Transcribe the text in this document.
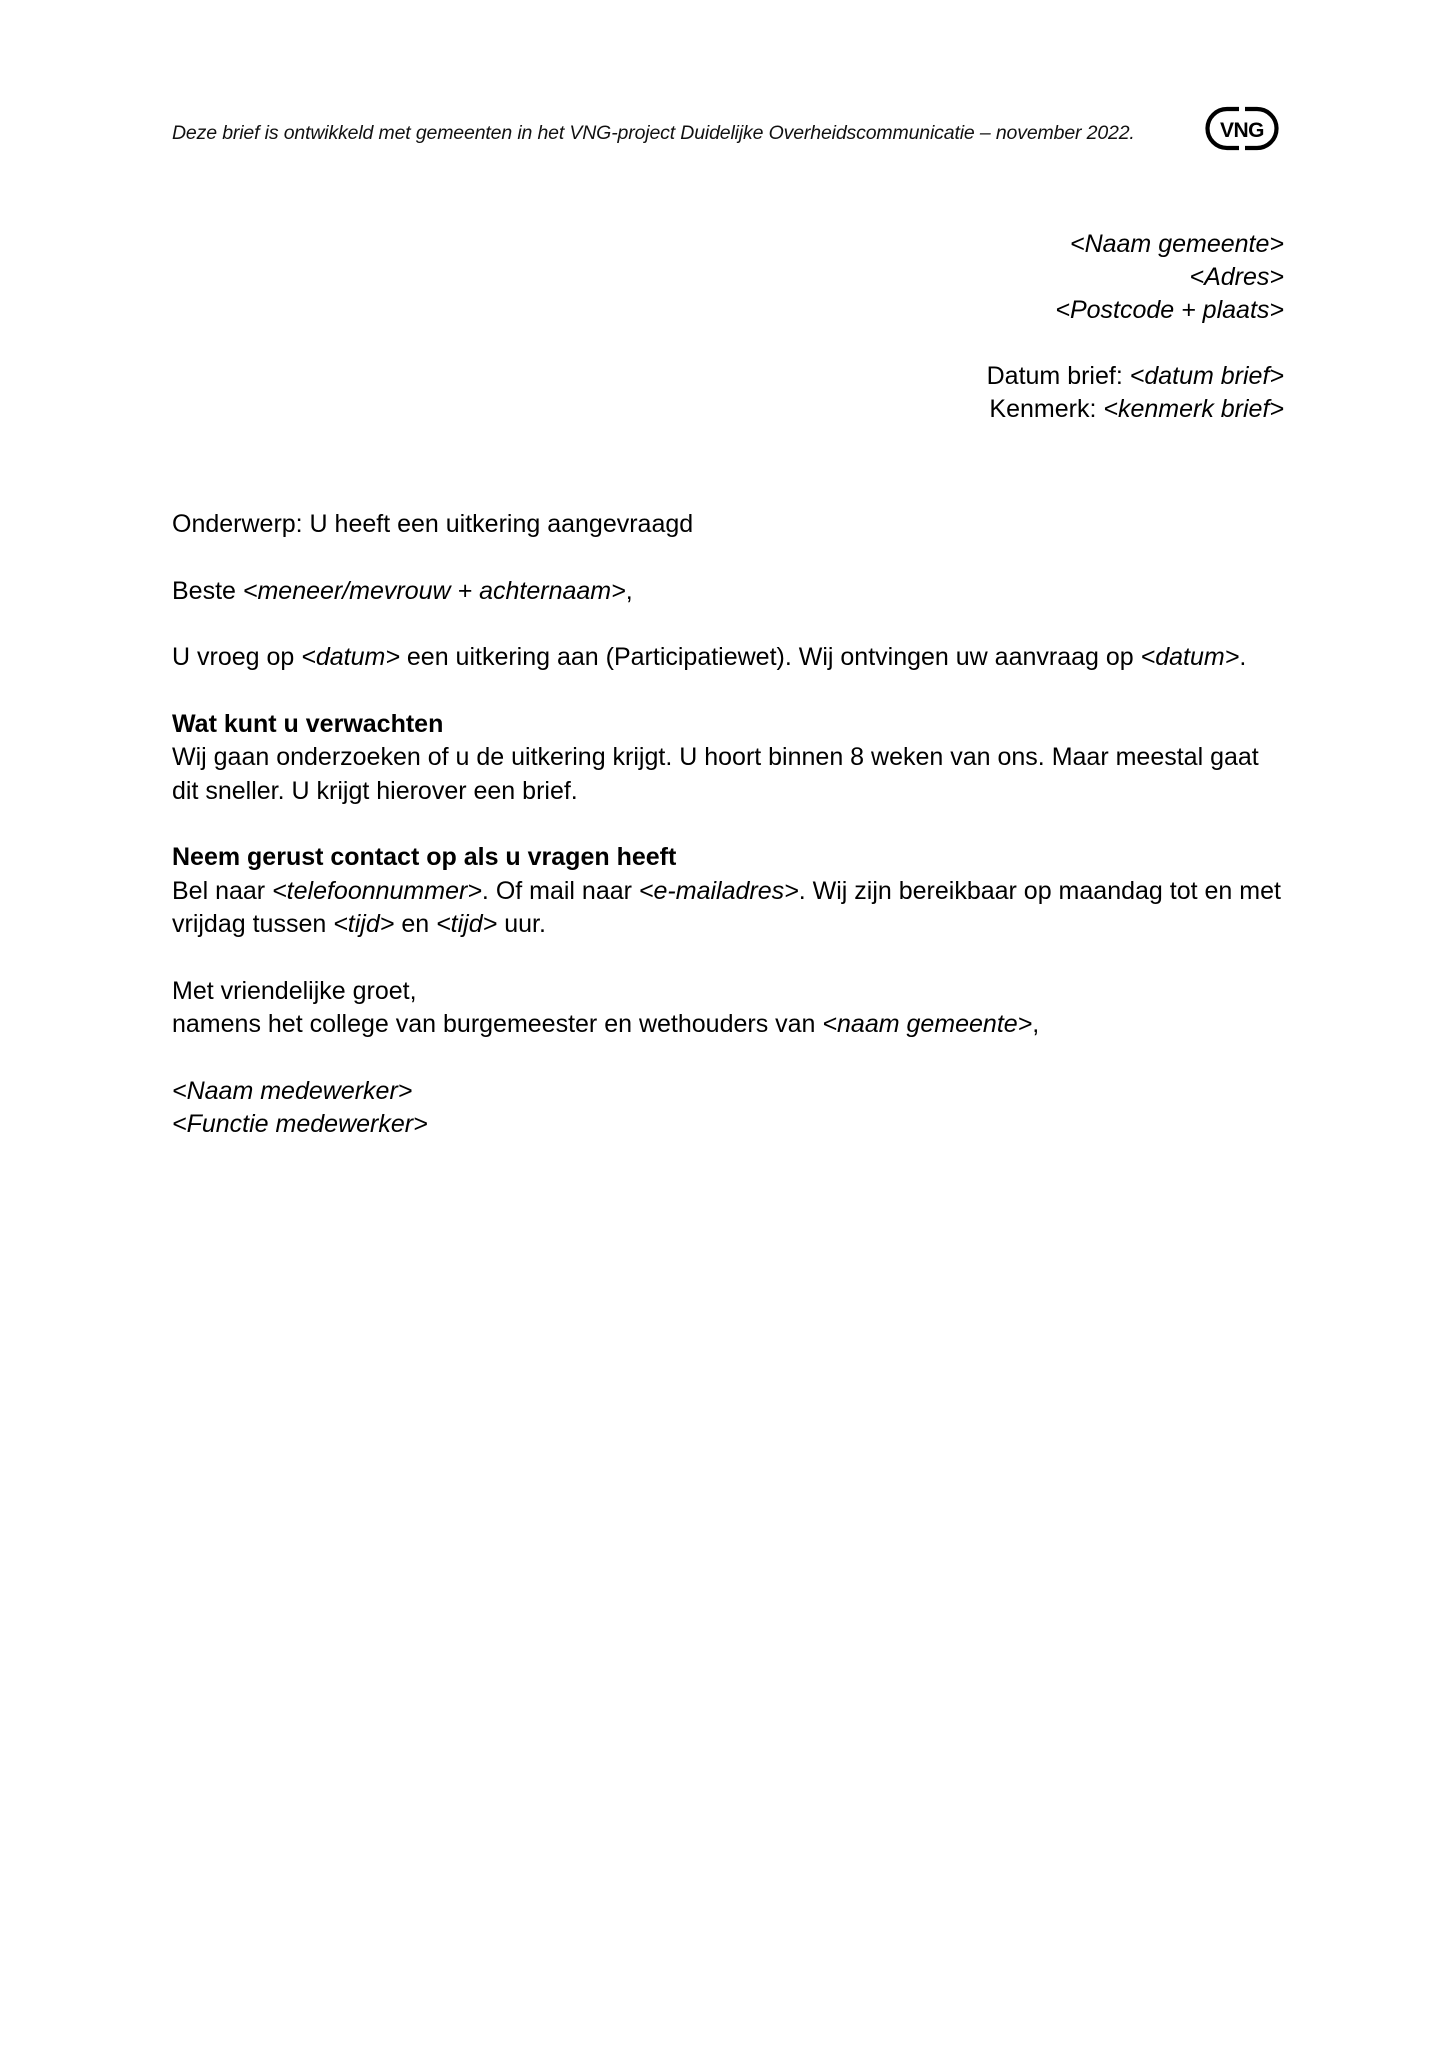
Deze brief is ontwikkeld met gemeenten in het VNG-project Duidelijke Overheidscommunicatie – november 2022.	VNG
<Naam gemeente>
<Adres>
<Postcode + plaats>
Datum brief: <datum brief>
Kenmerk: <kenmerk brief>

Onderwerp: U heeft een uitkering aangevraagd

Beste <meneer/mevrouw + achternaam>,

U vroeg op <datum> een uitkering aan (Participatiewet). Wij ontvingen uw aanvraag op <datum>.

Wat kunt u verwachten

Wij gaan onderzoeken of u de uitkering krijgt. U hoort binnen 8 weken van ons. Maar meestal gaat dit sneller. U krijgt hierover een brief.

Neem gerust contact op als u vragen heeft

Bel naar <telefoonnummer>. Of mail naar <e-mailadres>. Wij zijn bereikbaar op maandag tot en met vrijdag tussen <tijd> en <tijd> uur.

Met vriendelijke groet,

namens het college van burgemeester en wethouders van <naam gemeente>,

<Naam medewerker>

<Functie medewerker>
